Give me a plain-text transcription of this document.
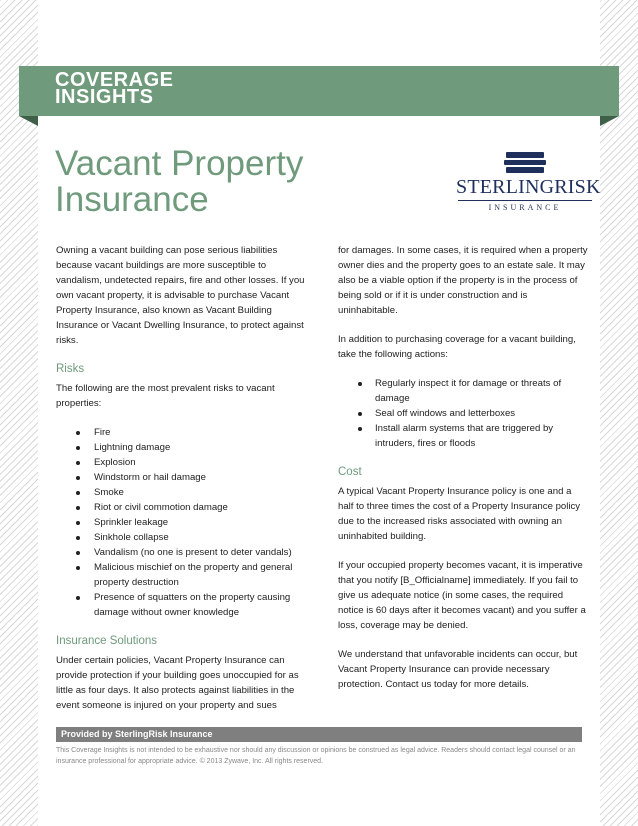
COVERAGE
INSIGHTS
Vacant Property
Insurance	STERLINGRISK
INSURANCE

Owning a vacant building can pose serious liabilities because vacant buildings are more susceptible to vandalism, undetected repairs, fire and other losses. If you own vacant property, it is advisable to purchase Vacant Property Insurance, also known as Vacant Building Insurance or Vacant Dwelling Insurance, to protect against risks.

Risks

The following are the most prevalent risks to vacant properties:

Fire
Lightning damage
Explosion
Windstorm or hail damage
Smoke
Riot or civil commotion damage
Sprinkler leakage
Sinkhole collapse
Vandalism (no one is present to deter vandals)
Malicious mischief on the property and general property destruction
Presence of squatters on the property causing damage without owner knowledge
Insurance Solutions

Under certain policies, Vacant Property Insurance can provide protection if your building goes unoccupied for as little as four days. It also protects against liabilities in the event someone is injured on your property and sues

for damages. In some cases, it is required when a property owner dies and the property goes to an estate sale. It may also be a viable option if the property is in the process of being sold or if it is under construction and is uninhabitable.

In addition to purchasing coverage for a vacant building, take the following actions:

Regularly inspect it for damage or threats of damage
Seal off windows and letterboxes
Install alarm systems that are triggered by intruders, fires or floods
Cost

A typical Vacant Property Insurance policy is one and a half to three times the cost of a Property Insurance policy due to the increased risks associated with owning an uninhabited building.

If your occupied property becomes vacant, it is imperative that you notify [B_Officialname] immediately. If you fail to give us adequate notice (in some cases, the required notice is 60 days after it becomes vacant) and you suffer a loss, coverage may be denied.

We understand that unfavorable incidents can occur, but Vacant Property Insurance can provide necessary protection. Contact us today for more details.

Provided by SterlingRisk Insurance

This Coverage Insights is not intended to be exhaustive nor should any discussion or opinions be construed as legal advice. Readers should contact legal counsel or an insurance professional for appropriate advice. © 2013 Zywave, Inc. All rights reserved.
